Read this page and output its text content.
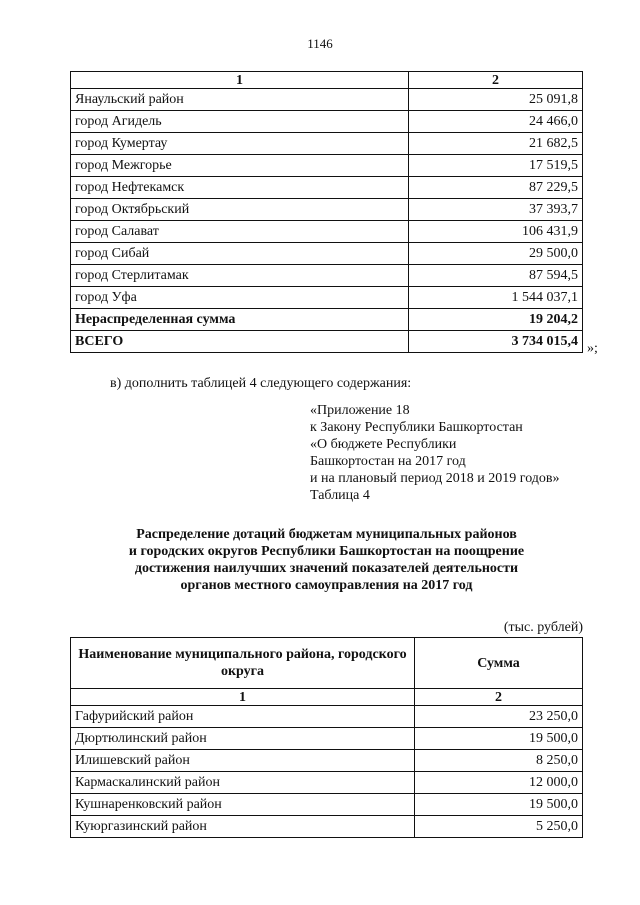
1146
1	2
Янаульский район	25 091,8
город Агидель	24 466,0
город Кумертау	21 682,5
город Межгорье	17 519,5
город Нефтекамск	87 229,5
город Октябрьский	37 393,7
город Салават	106 431,9
город Сибай	29 500,0
город Стерлитамак	87 594,5
город Уфа	1 544 037,1
Нераспределенная сумма	19 204,2
ВСЕГО	3 734 015,4 »;
в) дополнить таблицей 4 следующего содержания:
«Приложение 18
к Закону Республики Башкортостан
«О бюджете Республики
Башкортостан на 2017 год
и на плановый период 2018 и 2019 годов»
Таблица 4
Распределение дотаций бюджетам муниципальных районов
и городских округов Республики Башкортостан на поощрение
достижения наилучших значений показателей деятельности
органов местного самоуправления на 2017 год
(тыс. рублей)
Наименование муниципального района, городского округа	Сумма
1	2
Гафурийский район	23 250,0
Дюртюлинский район	19 500,0
Илишевский район	8 250,0
Кармаскалинский район	12 000,0
Кушнаренковский район	19 500,0
Куюргазинский район	5 250,0
